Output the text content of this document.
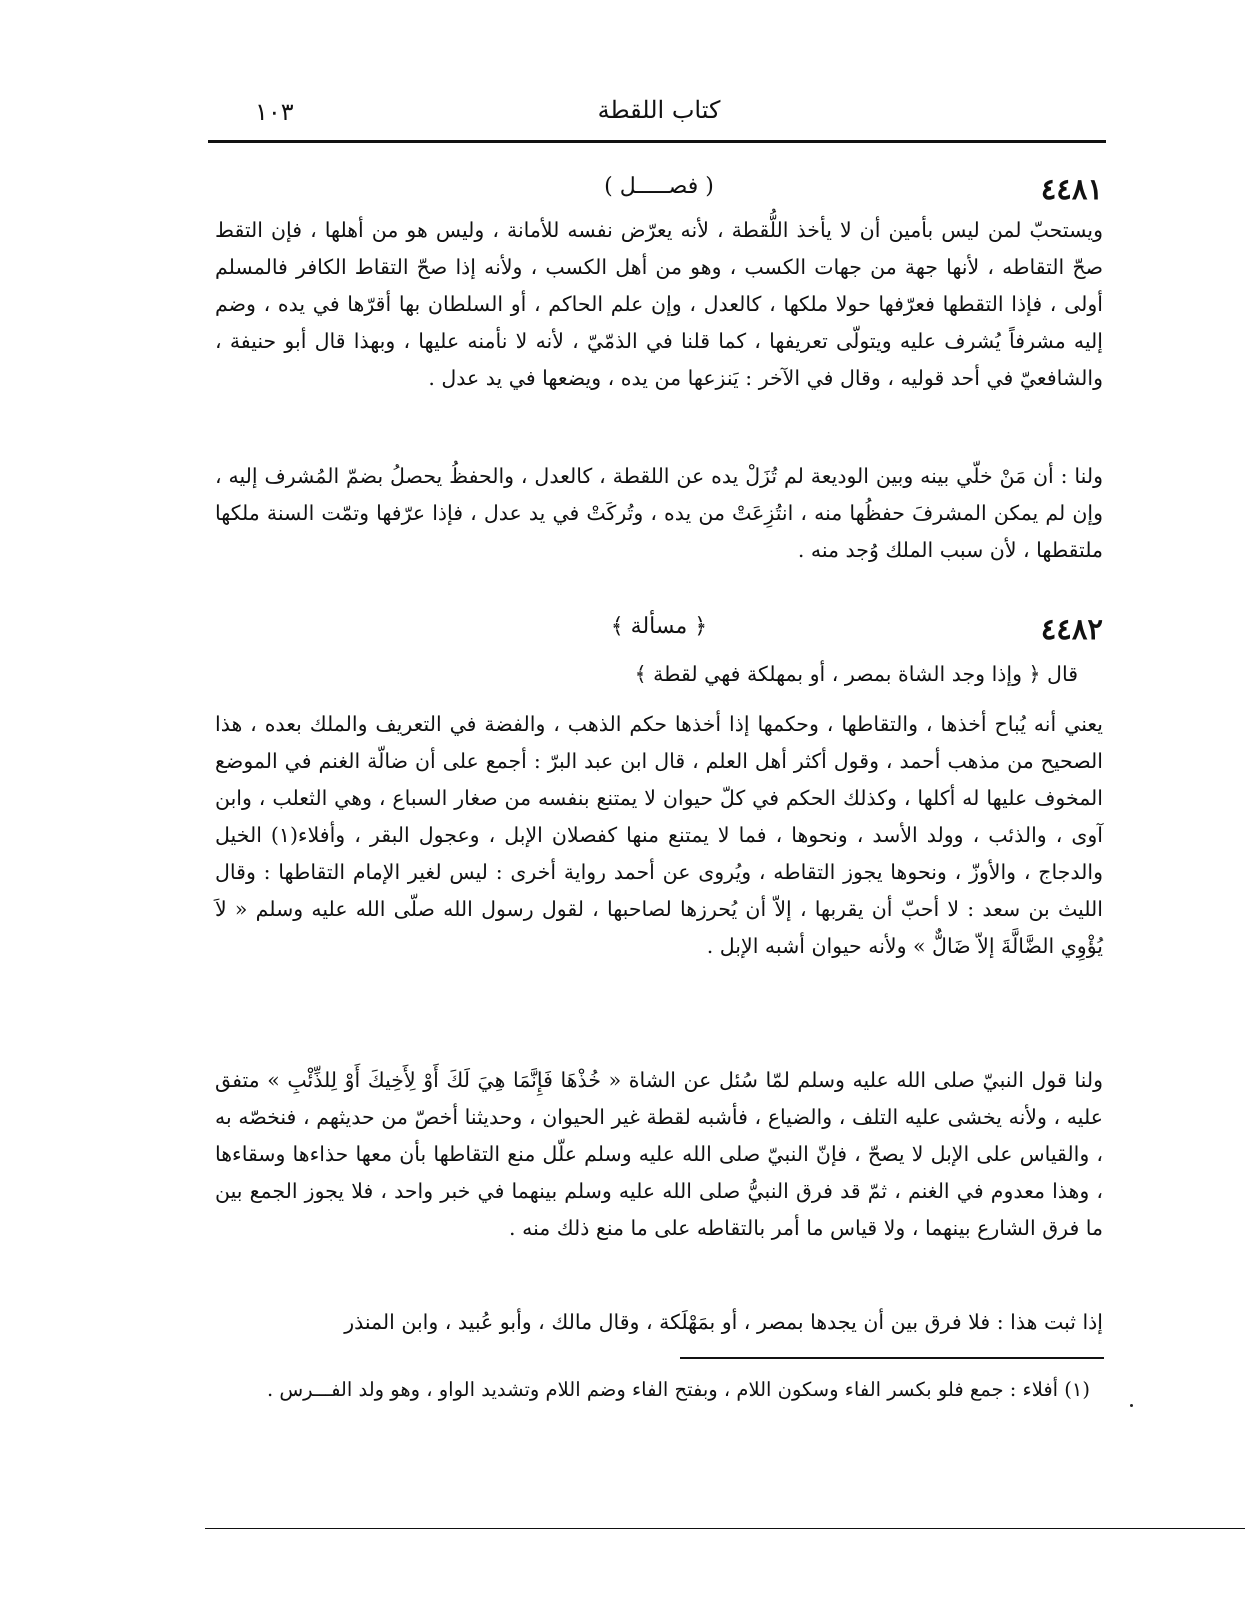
كتاب اللقطة
١٠٣
٤٤٨١
( فصـــــل )

ويستحبّ لمن ليس بأمين أن لا يأخذ اللُّقطة ، لأنه يعرّض نفسه للأمانة ، وليس هو من أهلها ، فإن التقط صحّ التقاطه ، لأنها جهة من جهات الكسب ، وهو من أهل الكسب ، ولأنه إذا صحّ التقاط الكافر فالمسلم أولى ، فإذا التقطها فعرّفها حولا ملكها ، كالعدل ، وإن علم الحاكم ، أو السلطان بها أقرّها في يده ، وضم إليه مشرفاً يُشرف عليه ويتولّى تعريفها ، كما قلنا في الذمّيّ ، لأنه لا نأمنه عليها ، وبهذا قال أبو حنيفة ، والشافعيّ في أحد قوليه ، وقال في الآخر : يَنزعها من يده ، ويضعها في يد عدل .

ولنا : أن مَنْ خلّي بينه وبين الوديعة لم تُزَلْ يده عن اللقطة ، كالعدل ، والحفظُ يحصلُ بضمّ المُشرف إليه ، وإن لم يمكن المشرفَ حفظُها منه ، انتُزِعَتْ من يده ، وتُركَتْ في يد عدل ، فإذا عرّفها وتمّت السنة ملكها ملتقطها ، لأن سبب الملك وُجد منه .

٤٤٨٢
﴿ مسألة ﴾

قال ﴿ وإذا وجد الشاة بمصر ، أو بمهلكة فهي لقطة ﴾

يعني أنه يُباح أخذها ، والتقاطها ، وحكمها إذا أخذها حكم الذهب ، والفضة في التعريف والملك بعده ، هذا الصحيح من مذهب أحمد ، وقول أكثر أهل العلم ، قال ابن عبد البرّ : أجمع على أن ضالّة الغنم في الموضع المخوف عليها له أكلها ، وكذلك الحكم في كلّ حيوان لا يمتنع بنفسه من صغار السباع ، وهي الثعلب ، وابن آوى ، والذئب ، وولد الأسد ، ونحوها ، فما لا يمتنع منها كفصلان الإبل ، وعجول البقر ، وأفلاء(١) الخيل والدجاج ، والأوزّ ، ونحوها يجوز التقاطه ، ويُروى عن أحمد رواية أخرى : ليس لغير الإمام التقاطها : وقال الليث بن سعد : لا أحبّ أن يقربها ، إلاّ أن يُحرزها لصاحبها ، لقول رسول الله صلّى الله عليه وسلم « لاَ يُؤْوِي الضَّالَّةَ إلاّ ضَالٌّ » ولأنه حيوان أشبه الإبل .

ولنا قول النبيّ صلى الله عليه وسلم لمّا سُئل عن الشاة « خُذْهَا فَإِنَّمَا هِيَ لَكَ أَوْ لِأَخِيكَ أَوْ لِلذِّئْبِ » متفق عليه ، ولأنه يخشى عليه التلف ، والضياع ، فأشبه لقطة غير الحيوان ، وحديثنا أخصّ من حديثهم ، فنخصّه به ، والقياس على الإبل لا يصحّ ، فإنّ النبيّ صلى الله عليه وسلم علّل منع التقاطها بأن معها حذاءها وسقاءها ، وهذا معدوم في الغنم ، ثمّ قد فرق النبيُّ صلى الله عليه وسلم بينهما في خبر واحد ، فلا يجوز الجمع بين ما فرق الشارع بينهما ، ولا قياس ما أمر بالتقاطه على ما منع ذلك منه .

إذا ثبت هذا : فلا فرق بين أن يجدها بمصر ، أو بمَهْلَكة ، وقال مالك ، وأبو عُبيد ، وابن المنذر

(١) أفلاء : جمع فلو بكسر الفاء وسكون اللام ، وبفتح الفاء وضم اللام وتشديد الواو ، وهو ولد الفـــرس .
